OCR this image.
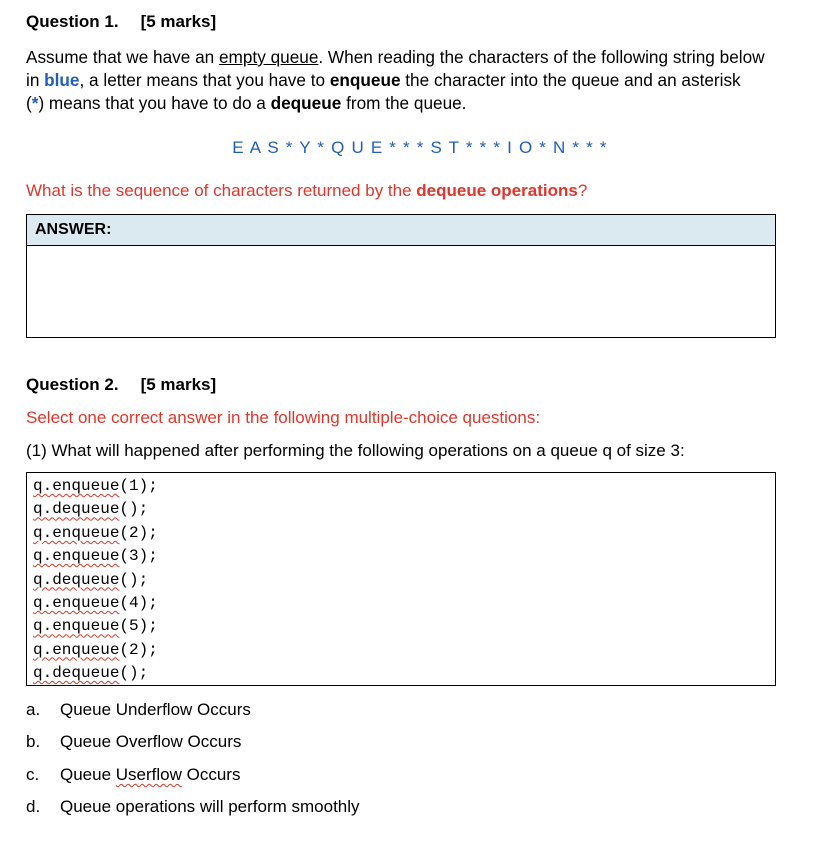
Question 1. [5 marks]
Assume that we have an empty queue. When reading the characters of the following string below
in blue, a letter means that you have to enqueue the character into the queue and an asterisk
(*) means that you have to do a dequeue from the queue.
E A S * Y * Q U E * * * S T * * * I O * N * * *
What is the sequence of characters returned by the dequeue operations?
ANSWER:
Question 2. [5 marks]
Select one correct answer in the following multiple-choice questions:
(1) What will happened after performing the following operations on a queue q of size 3:
q.enqueue(1);
q.dequeue();
q.enqueue(2);
q.enqueue(3);
q.dequeue();
q.enqueue(4);
q.enqueue(5);
q.enqueue(2);
q.dequeue();
a. Queue Underflow Occurs
b. Queue Overflow Occurs
c. Queue Userflow Occurs
d. Queue operations will perform smoothly
